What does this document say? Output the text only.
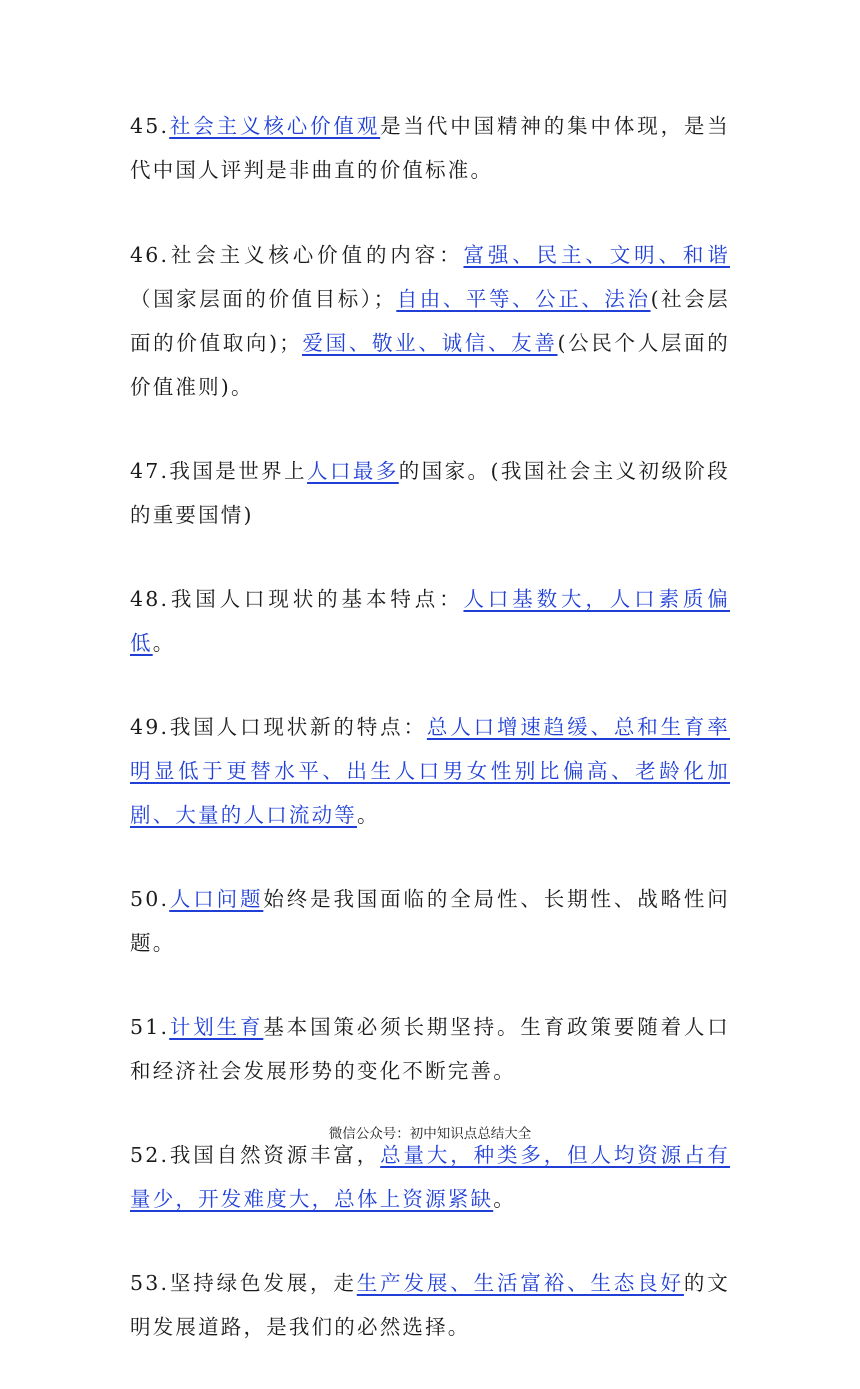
45.社会主义核心价值观是当代中国精神的集中体现，是当代中国人评判是非曲直的价值标准。

46.社会主义核心价值的内容：富强、民主、文明、和谐（国家层面的价值目标）；自由、平等、公正、法治(社会层面的价值取向)；爱国、敬业、诚信、友善(公民个人层面的价值准则)。

47.我国是世界上人口最多的国家。(我国社会主义初级阶段的重要国情)

48.我国人口现状的基本特点：人口基数大，人口素质偏低。

49.我国人口现状新的特点：总人口增速趋缓、总和生育率明显低于更替水平、出生人口男女性别比偏高、老龄化加剧、大量的人口流动等。

50.人口问题始终是我国面临的全局性、长期性、战略性问题。

51.计划生育基本国策必须长期坚持。生育政策要随着人口和经济社会发展形势的变化不断完善。

52.我国自然资源丰富，总量大，种类多，但人均资源占有量少，开发难度大，总体上资源紧缺。

53.坚持绿色发展，走生产发展、生活富裕、生态良好的文明发展道路，是我们的必然选择。

微信公众号：初中知识点总结大全
